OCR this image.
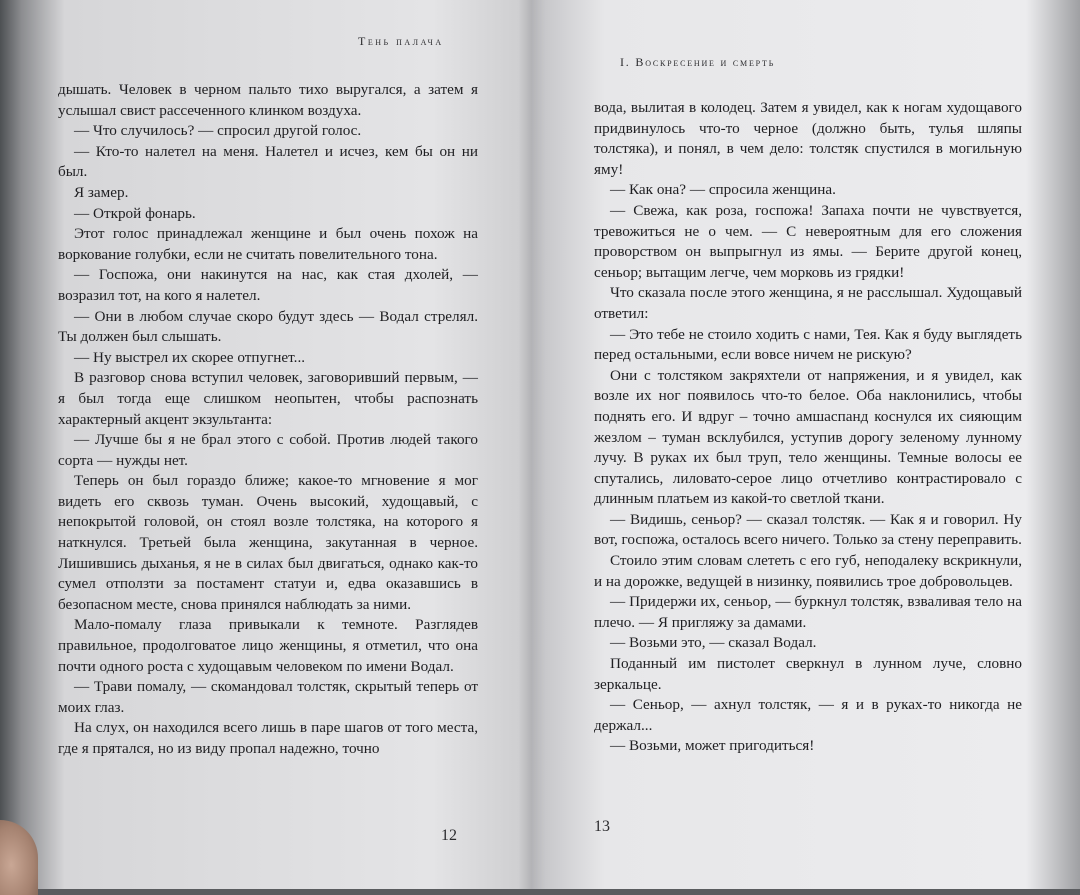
Тень палача

дышать. Человек в черном пальто тихо выругался, а затем я услышал свист рассеченного клинком воздуха.

— Что случилось? — спросил другой голос.

— Кто-то налетел на меня. Налетел и исчез, кем бы он ни был.

Я замер.

— Открой фонарь.

Этот голос принадлежал женщине и был очень похож на воркование голубки, если не считать повелительного тона.

— Госпожа, они накинутся на нас, как стая дхолей, — возразил тот, на кого я налетел.

— Они в любом случае скоро будут здесь — Водал стрелял. Ты должен был слышать.

— Ну выстрел их скорее отпугнет...

В разговор снова вступил человек, заговоривший первым, — я был тогда еще слишком неопытен, чтобы распознать характерный акцент экзультанта:

— Лучше бы я не брал этого с собой. Против людей такого сорта — нужды нет.

Теперь он был гораздо ближе; какое-то мгновение я мог видеть его сквозь туман. Очень высокий, худощавый, с непокрытой головой, он стоял возле толстяка, на которого я наткнулся. Третьей была женщина, закутанная в черное. Лишившись дыханья, я не в силах был двигаться, однако как-то сумел отползти за постамент статуи и, едва оказавшись в безопасном месте, снова принялся наблюдать за ними.

Мало-помалу глаза привыкали к темноте. Разглядев правильное, продолговатое лицо женщины, я отметил, что она почти одного роста с худощавым человеком по имени Водал.

— Трави помалу, — скомандовал толстяк, скрытый теперь от моих глаз.

На слух, он находился всего лишь в паре шагов от того места, где я прятался, но из виду пропал надежно, точно

12
I. Воскресение и смерть

вода, вылитая в колодец. Затем я увидел, как к ногам худощавого придвинулось что-то черное (должно быть, тулья шляпы толстяка), и понял, в чем дело: толстяк спустился в могильную яму!

— Как она? — спросила женщина.

— Свежа, как роза, госпожа! Запаха почти не чувствуется, тревожиться не о чем. — С невероятным для его сложения проворством он выпрыгнул из ямы. — Берите другой конец, сеньор; вытащим легче, чем морковь из грядки!

Что сказала после этого женщина, я не расслышал. Худощавый ответил:

— Это тебе не стоило ходить с нами, Тея. Как я буду выглядеть перед остальными, если вовсе ничем не рискую?

Они с толстяком закряхтели от напряжения, и я увидел, как возле их ног появилось что-то белое. Оба наклонились, чтобы поднять его. И вдруг – точно амшаспанд коснулся их сияющим жезлом – туман всклубился, уступив дорогу зеленому лунному лучу. В руках их был труп, тело женщины. Темные волосы ее спутались, лиловато-серое лицо отчетливо контрастировало с длинным платьем из какой-то светлой ткани.

— Видишь, сеньор? — сказал толстяк. — Как я и говорил. Ну вот, госпожа, осталось всего ничего. Только за стену переправить.

Стоило этим словам слететь с его губ, неподалеку вскрикнули, и на дорожке, ведущей в низинку, появились трое добровольцев.

— Придержи их, сеньор, — буркнул толстяк, взваливая тело на плечо. — Я пригляжу за дамами.

— Возьми это, — сказал Водал.

Поданный им пистолет сверкнул в лунном луче, словно зеркальце.

— Сеньор, — ахнул толстяк, — я и в руках-то никогда не держал...

— Возьми, может пригодиться!

13
